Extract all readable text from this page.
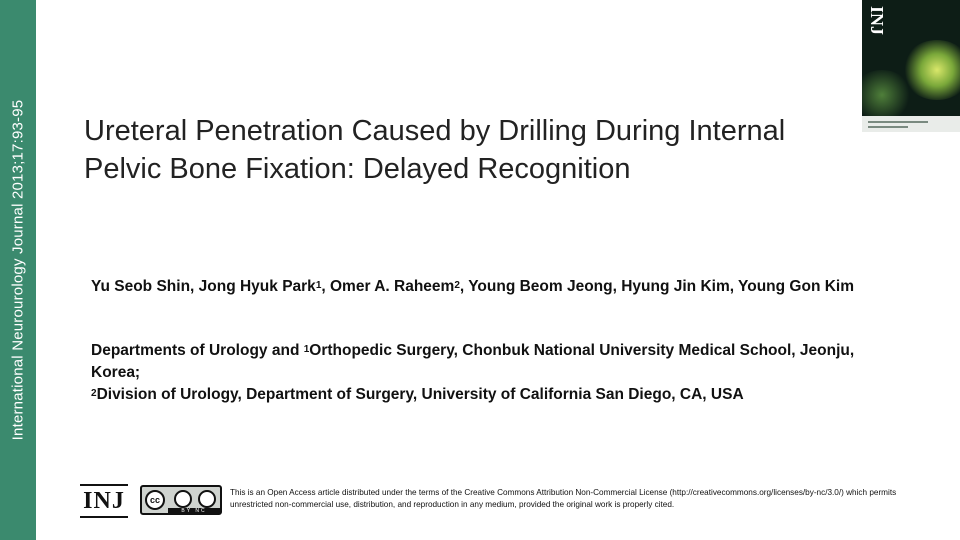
International Neurourology Journal 2013;17:93-95
INJ
Ureteral Penetration Caused by Drilling During Internal Pelvic Bone Fixation: Delayed Recognition
Yu Seob Shin, Jong Hyuk Park$^1$, Omer A. Raheem$^2$, Young Beom Jeong, Hyung Jin Kim, Young Gon Kim
Departments of Urology and $^1$Orthopedic Surgery, Chonbuk National University Medical School, Jeonju, Korea;
$^2$Division of Urology, Department of Surgery, University of California San Diego, CA, USA
INJ	cc
BY NC
This is an Open Access article distributed under the terms of the Creative Commons Attribution Non-Commercial License (http://creativecommons.org/licenses/by-nc/3.0/) which permits unrestricted non-commercial use, distribution, and reproduction in any medium, provided the original work is properly cited.
